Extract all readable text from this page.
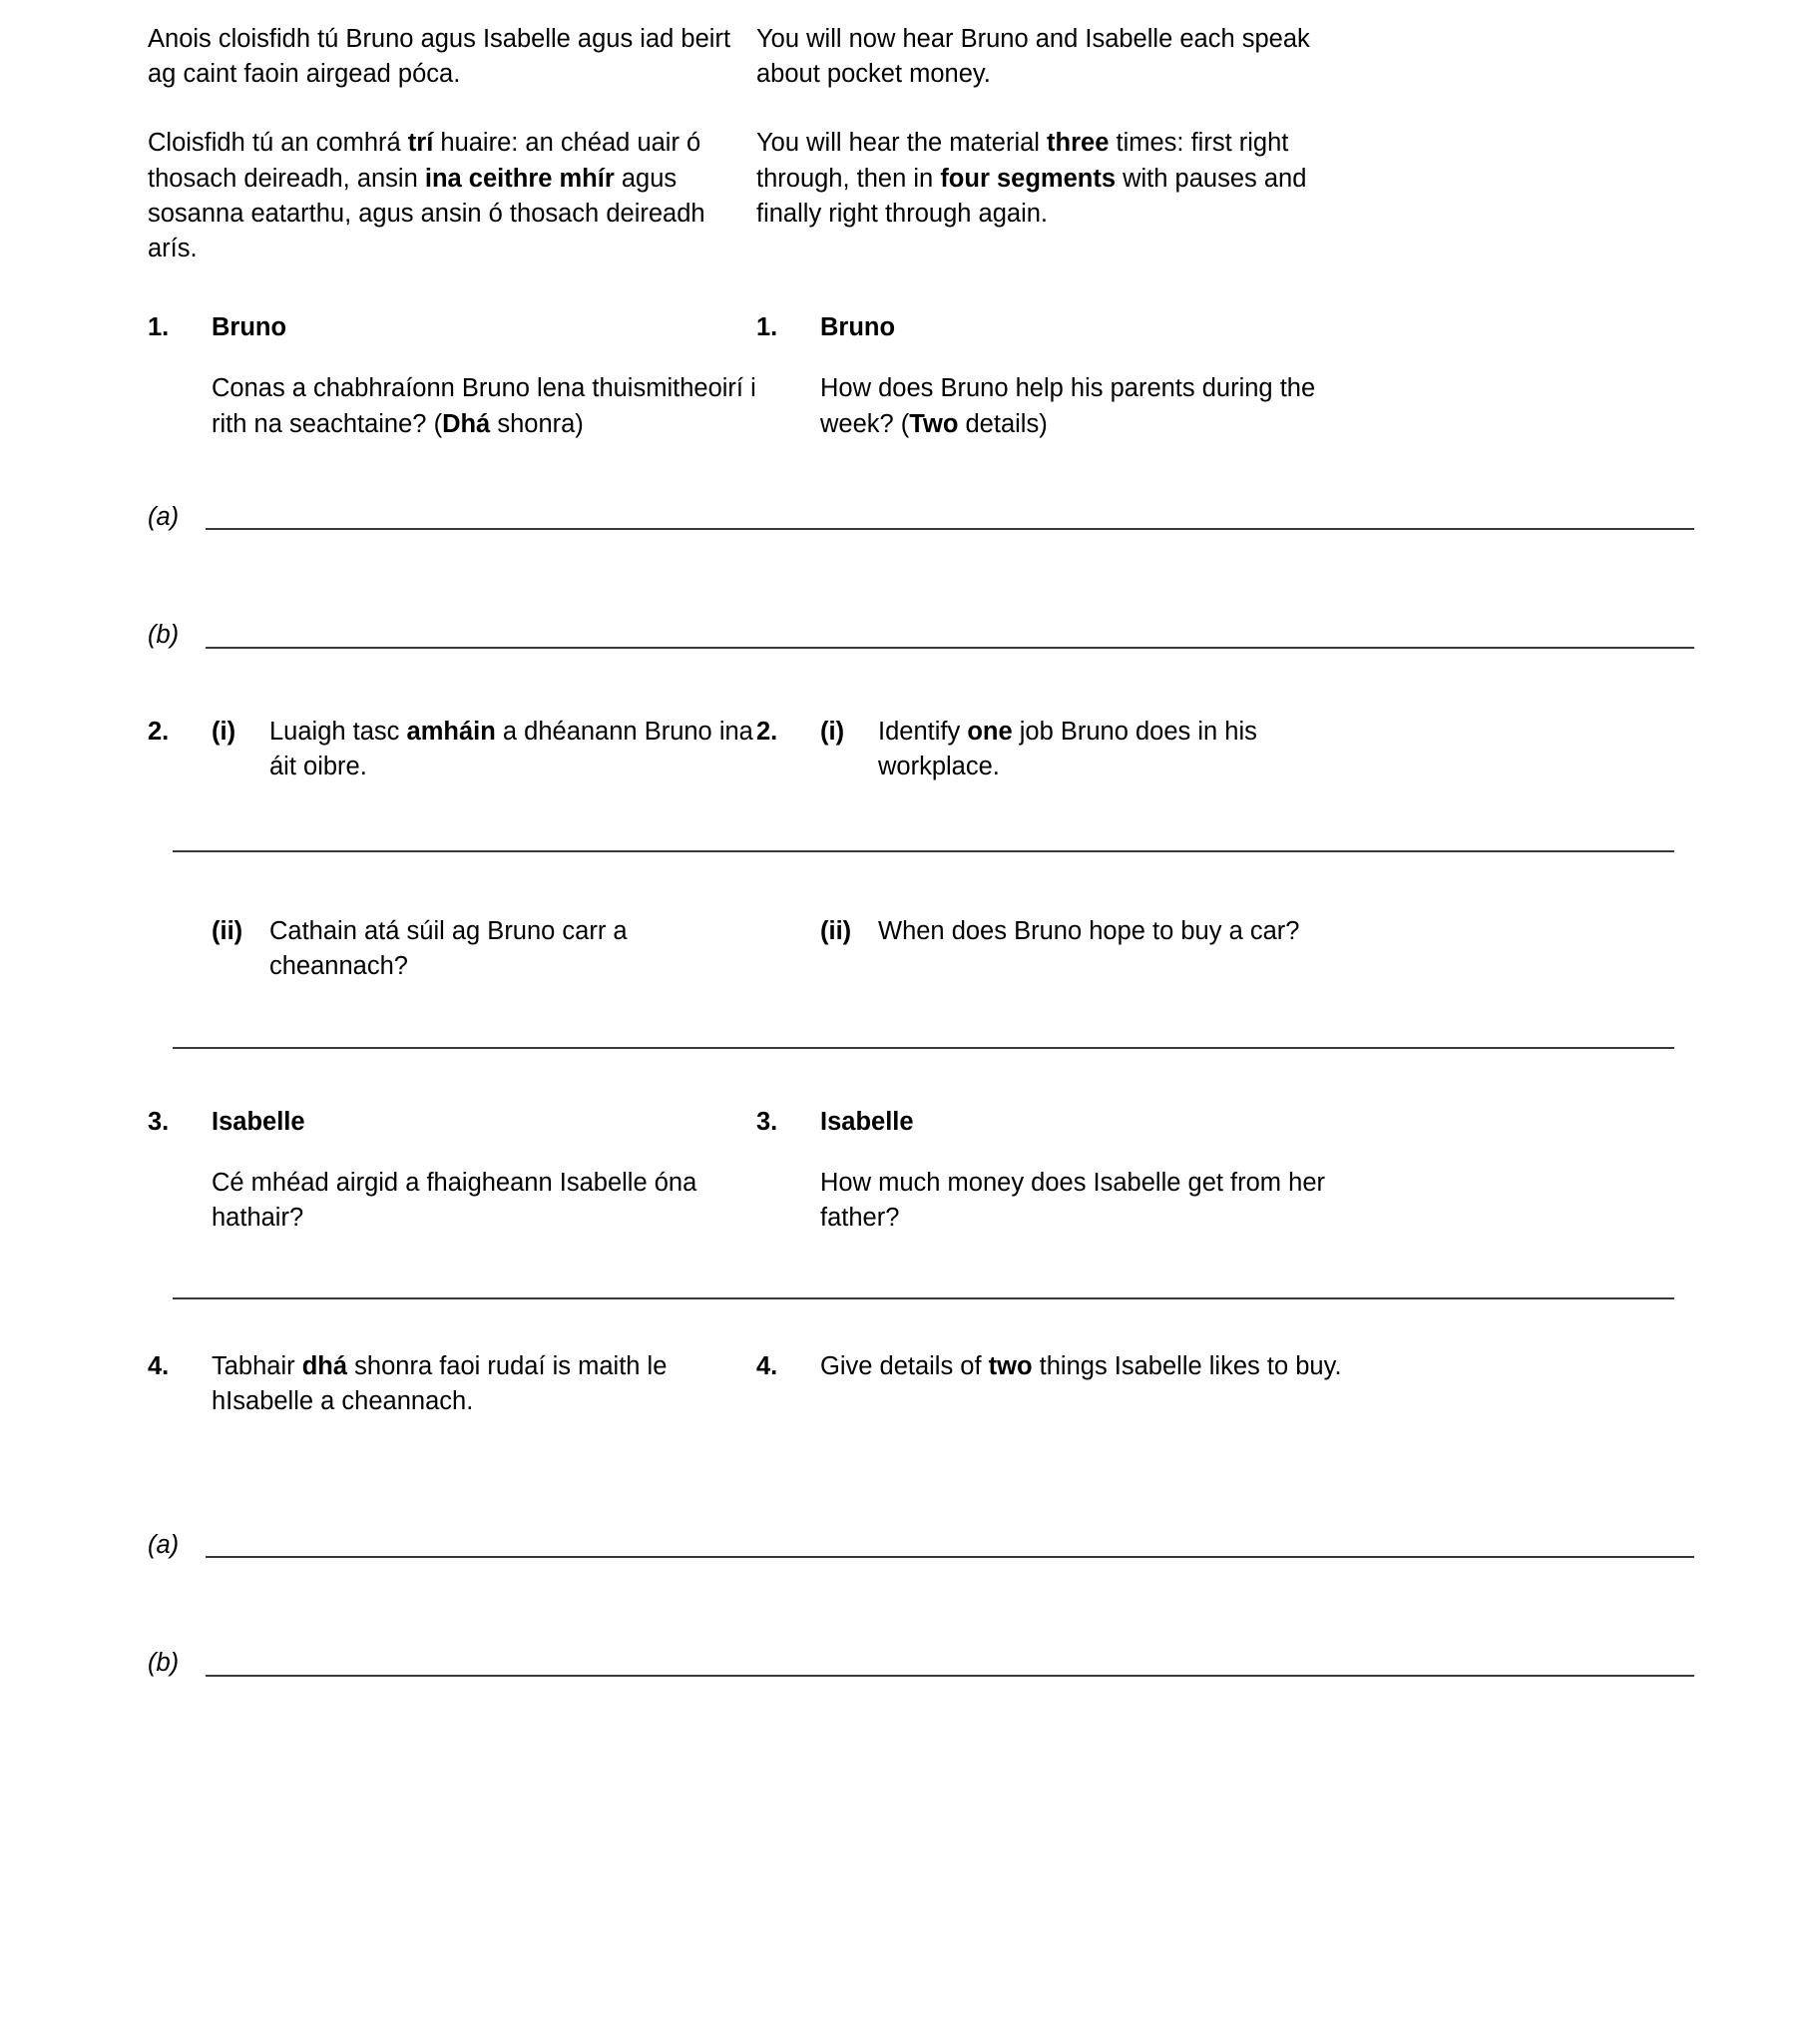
Anois cloisfidh tú Bruno agus Isabelle agus iad beirt ag caint faoin airgead póca.

You will now hear Bruno and Isabelle each speak about pocket money.

Cloisfidh tú an comhrá trí huaire: an chéad uair ó thosach deireadh, ansin ina ceithre mhír agus sosanna eatarthu, agus ansin ó thosach deireadh arís.

You will hear the material three times: first right through, then in four segments with pauses and finally right through again.

1.	Bruno	1.	Bruno
Conas a chabhraíonn Bruno lena thuismitheoirí i rith na seachtaine? (Dhá shonra)
How does Bruno help his parents during the week? (Two details)
(a)
(b)
2.	(i)	Luaigh tasc amháin a dhéanann Bruno ina áit oibre.
2.	(i)	Identify one job Bruno does in his workplace.
(ii)	Cathain atá súil ag Bruno carr a cheannach?
(ii)	When does Bruno hope to buy a car?
3.	Isabelle	3.	Isabelle
Cé mhéad airgid a fhaigheann Isabelle óna hathair?
How much money does Isabelle get from her father?
4.	Tabhair dhá shonra faoi rudaí is maith le hIsabelle a cheannach.
4.	Give details of two things Isabelle likes to buy.
(a)
(b)
